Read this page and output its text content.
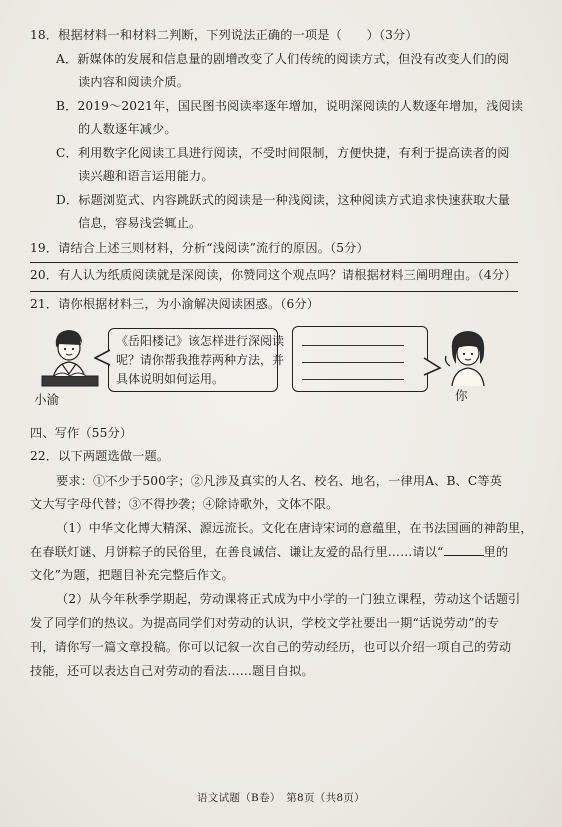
18．根据材料一和材料二判断，下列说法正确的一项是（　　）（3分）
A．新媒体的发展和信息量的剧增改变了人们传统的阅读方式，但没有改变人们的阅
读内容和阅读介质。
B．2019～2021年，国民图书阅读率逐年增加，说明深阅读的人数逐年增加，浅阅读
的人数逐年减少。
C．利用数字化阅读工具进行阅读，不受时间限制，方便快捷，有利于提高读者的阅
读兴趣和语言运用能力。
D．标题浏览式、内容跳跃式的阅读是一种浅阅读，这种阅读方式追求快速获取大量
信息，容易浅尝辄止。
19．请结合上述三则材料，分析“浅阅读”流行的原因。（5分）
20．有人认为纸质阅读就是深阅读，你赞同这个观点吗？请根据材料三阐明理由。（4分）
21．请你根据材料三，为小渝解决阅读困惑。（6分）
小渝
《岳阳楼记》该怎样进行深阅读
呢？请你帮我推荐两种方法，并
具体说明如何运用。
你
四、写作（55分）
22．以下两题选做一题。
要求：①不少于500字；②凡涉及真实的人名、校名、地名，一律用A、B、C等英
文大写字母代替；③不得抄袭；④除诗歌外，文体不限。
（1）中华文化博大精深、源远流长。文化在唐诗宋词的意蕴里，在书法国画的神韵里，
在春联灯谜、月饼粽子的民俗里，在善良诚信、谦让友爱的品行里……请以“	里的
文化”为题，把题目补充完整后作文。
（2）从今年秋季学期起，劳动课将正式成为中小学的一门独立课程，劳动这个话题引
发了同学们的热议。为提高同学们对劳动的认识，学校文学社要出一期“话说劳动”的专
刊，请你写一篇文章投稿。你可以记叙一次自己的劳动经历，也可以介绍一项自己的劳动
技能，还可以表达自己对劳动的看法……题目自拟。
语文试题（B卷）　第8页（共8页）
